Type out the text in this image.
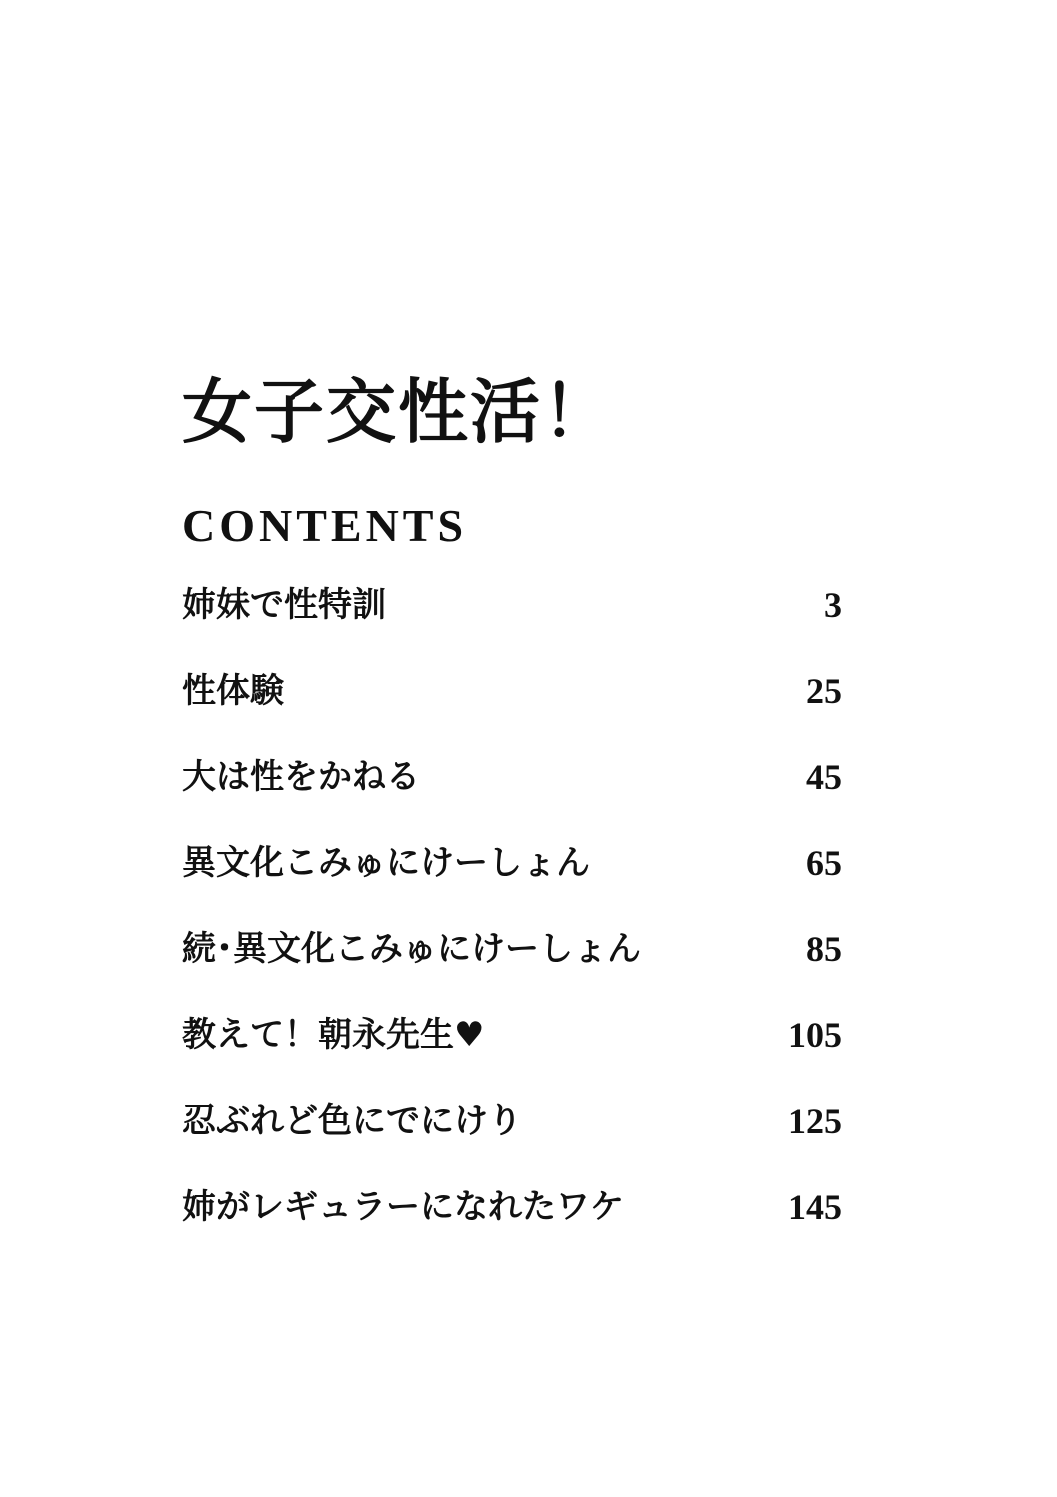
女子交性活！
CONTENTS
姉妹で性特訓	3
性体験	25
大は性をかねる	45
異文化こみゅにけーしょん	65
続･異文化こみゅにけーしょん	85
教えて！朝永先生♥	105
忍ぶれど色にでにけり	125
姉がレギュラーになれたワケ	145
